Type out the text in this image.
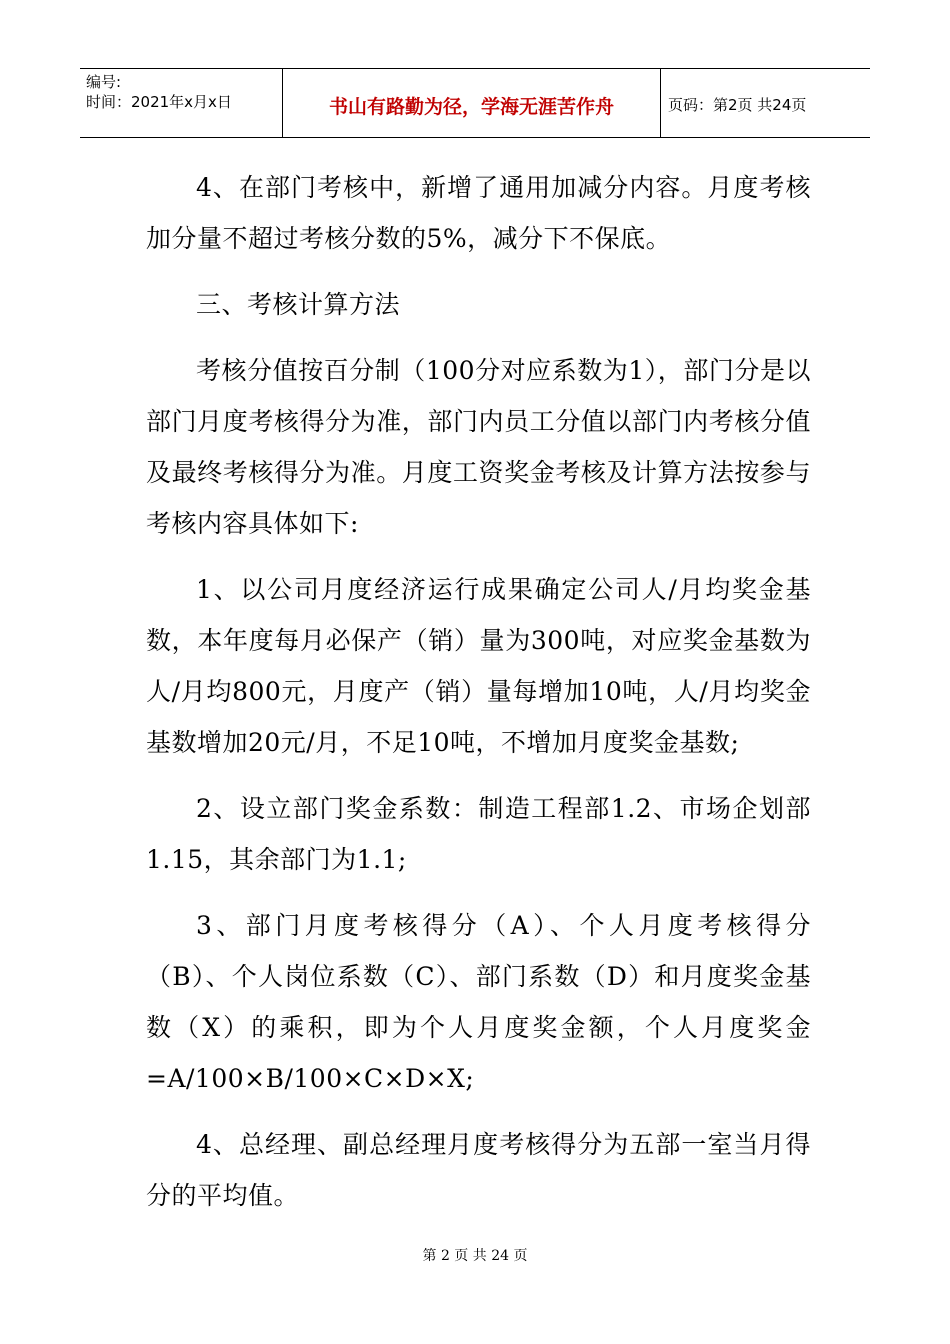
编号:
时间：2021年x月x日	书山有路勤为径，学海无涯苦作舟	页码：第2页 共24页

4、在部门考核中，新增了通用加减分内容。月度考核加分量不超过考核分数的5%，减分下不保底。

三、考核计算方法

考核分值按百分制（100分对应系数为1），部门分是以部门月度考核得分为准，部门内员工分值以部门内考核分值及最终考核得分为准。月度工资奖金考核及计算方法按参与考核内容具体如下:

1、以公司月度经济运行成果确定公司人/月均奖金基数，本年度每月必保产（销）量为300吨，对应奖金基数为人/月均800元，月度产（销）量每增加10吨，人/月均奖金基数增加20元/月，不足10吨，不增加月度奖金基数;

2、设立部门奖金系数：制造工程部1.2、市场企划部1.15，其余部门为1.1;

3、部门月度考核得分（A）、个人月度考核得分（B）、个人岗位系数（C）、部门系数（D）和月度奖金基数（X）的乘积，即为个人月度奖金额，个人月度奖金=A/100×B/100×C×D×X;

4、总经理、副总经理月度考核得分为五部一室当月得分的平均值。

第 2 页 共 24 页
